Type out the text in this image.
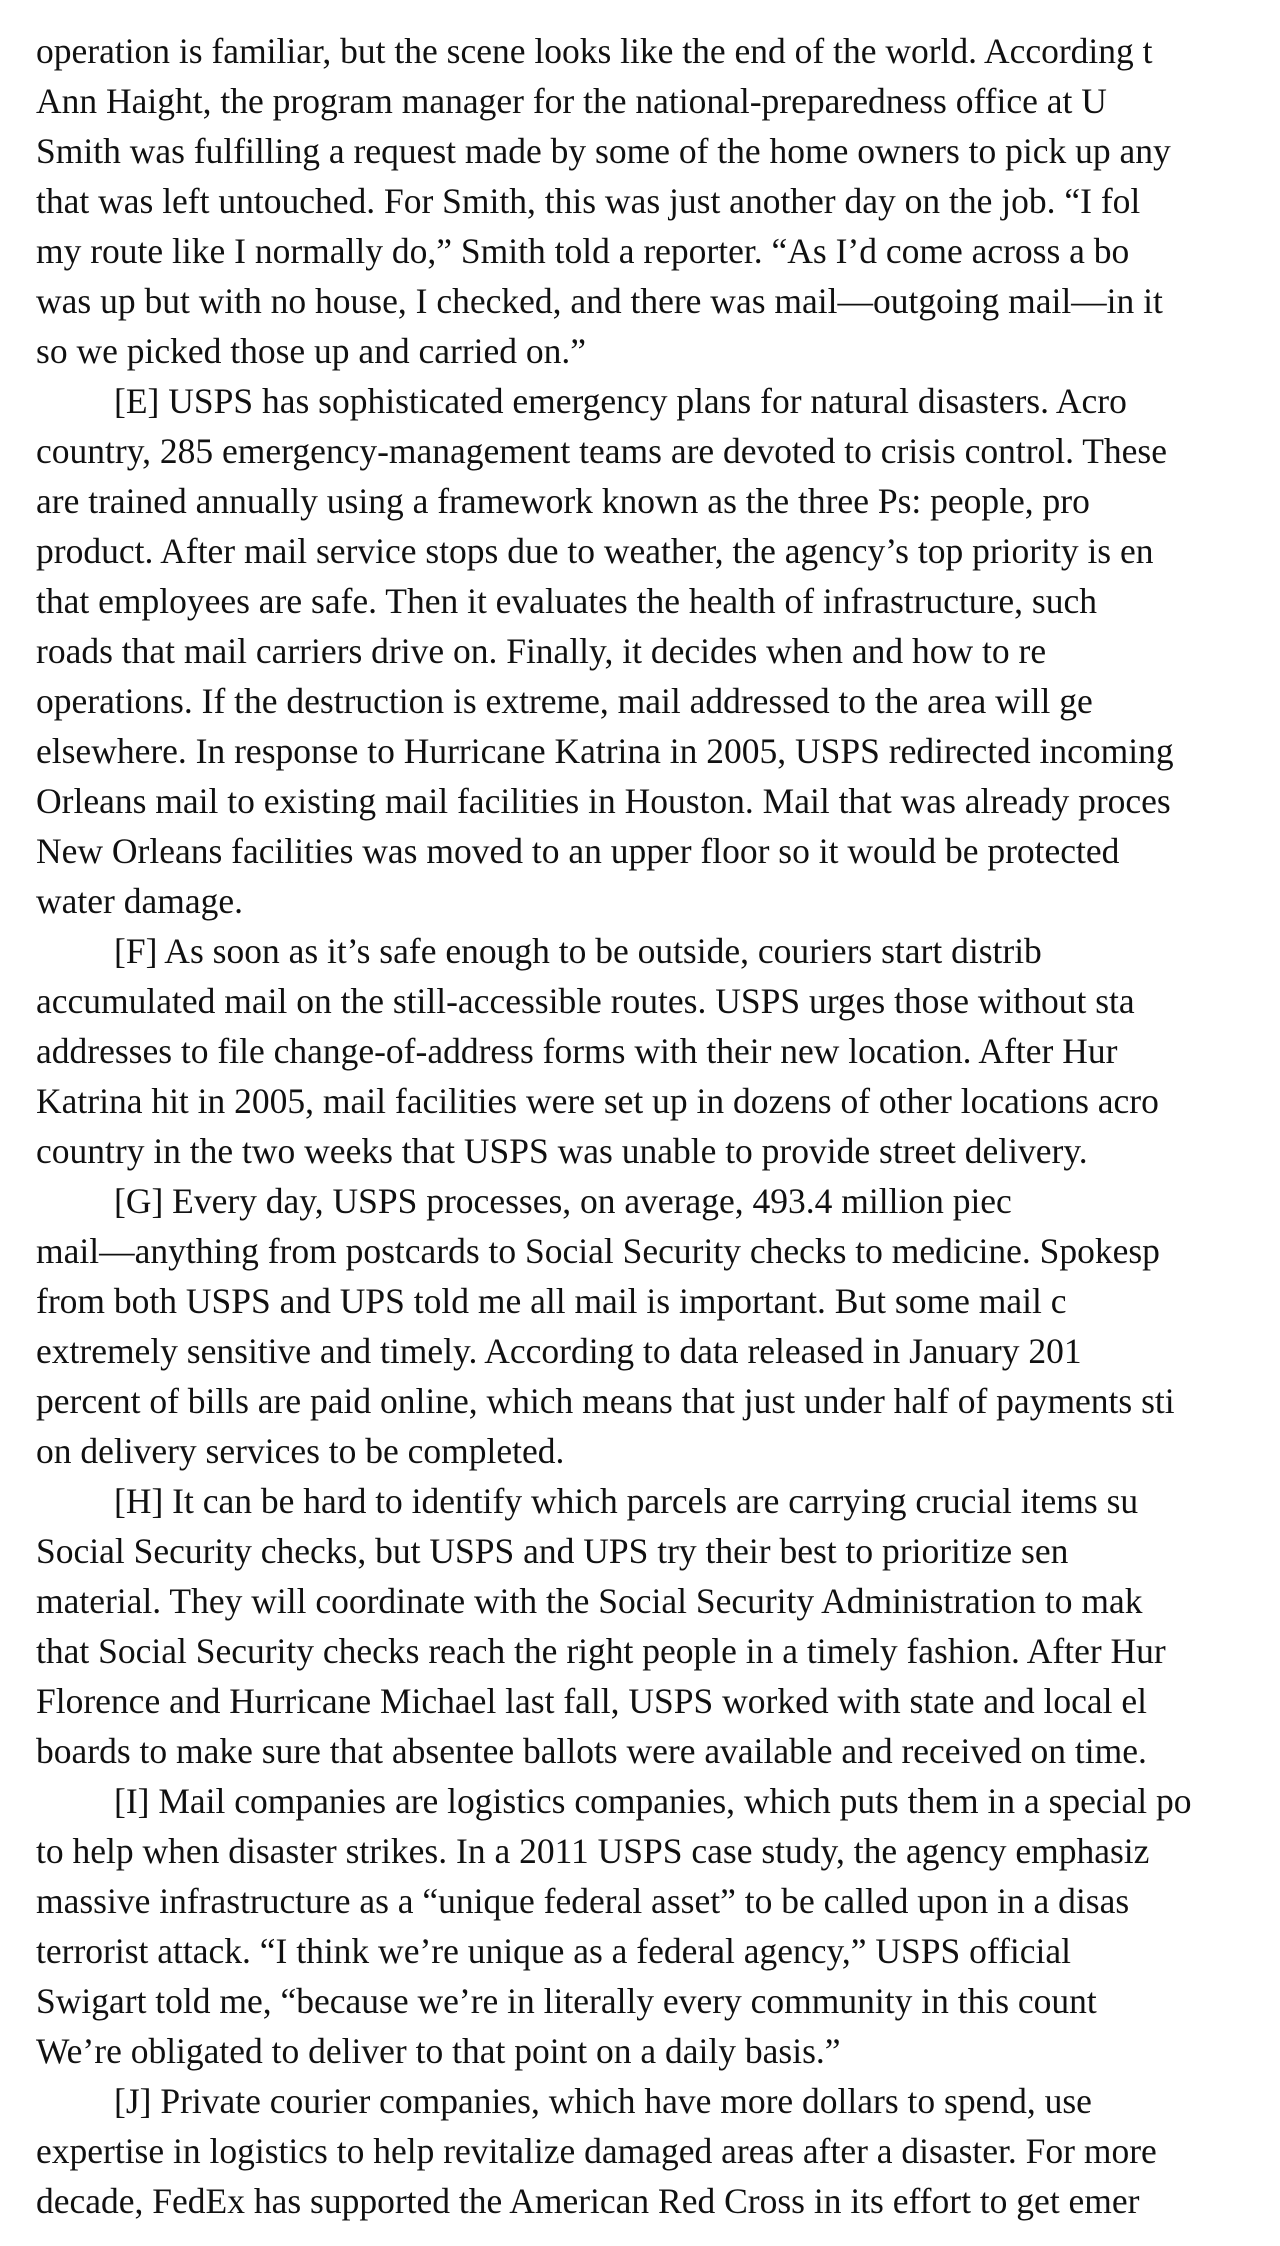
operation is familiar, but the scene looks like the end of the world. According t
Ann Haight, the program manager for the national-preparedness office at U
Smith was fulfilling a request made by some of the home owners to pick up any
that was left untouched. For Smith, this was just another day on the job. “I fol
my route like I normally do,” Smith told a reporter. “As I’d come across a bo
was up but with no house, I checked, and there was mail—outgoing mail—in it
so we picked those up and carried on.”
[E] USPS has sophisticated emergency plans for natural disasters. Acro
country, 285 emergency-management teams are devoted to crisis control. These
are trained annually using a framework known as the three Ps: people, pro
product. After mail service stops due to weather, the agency’s top priority is en
that employees are safe. Then it evaluates the health of infrastructure, such
roads that mail carriers drive on. Finally, it decides when and how to re
operations. If the destruction is extreme, mail addressed to the area will ge
elsewhere. In response to Hurricane Katrina in 2005, USPS redirected incoming
Orleans mail to existing mail facilities in Houston. Mail that was already proces
New Orleans facilities was moved to an upper floor so it would be protected
water damage.
[F] As soon as it’s safe enough to be outside, couriers start distrib
accumulated mail on the still-accessible routes. USPS urges those without sta
addresses to file change-of-address forms with their new location. After Hur
Katrina hit in 2005, mail facilities were set up in dozens of other locations acro
country in the two weeks that USPS was unable to provide street delivery.
[G] Every day, USPS processes, on average, 493.4 million piec
mail—anything from postcards to Social Security checks to medicine. Spokesp
from both USPS and UPS told me all mail is important. But some mail c
extremely sensitive and timely. According to data released in January 201
percent of bills are paid online, which means that just under half of payments sti
on delivery services to be completed.
[H] It can be hard to identify which parcels are carrying crucial items su
Social Security checks, but USPS and UPS try their best to prioritize sen
material. They will coordinate with the Social Security Administration to mak
that Social Security checks reach the right people in a timely fashion. After Hur
Florence and Hurricane Michael last fall, USPS worked with state and local el
boards to make sure that absentee ballots were available and received on time.
[I] Mail companies are logistics companies, which puts them in a special po
to help when disaster strikes. In a 2011 USPS case study, the agency emphasiz
massive infrastructure as a “unique federal asset” to be called upon in a disas
terrorist attack. “I think we’re unique as a federal agency,” USPS official
Swigart told me, “because we’re in literally every community in this count
We’re obligated to deliver to that point on a daily basis.”
[J] Private courier companies, which have more dollars to spend, use
expertise in logistics to help revitalize damaged areas after a disaster. For more
decade, FedEx has supported the American Red Cross in its effort to get emer
